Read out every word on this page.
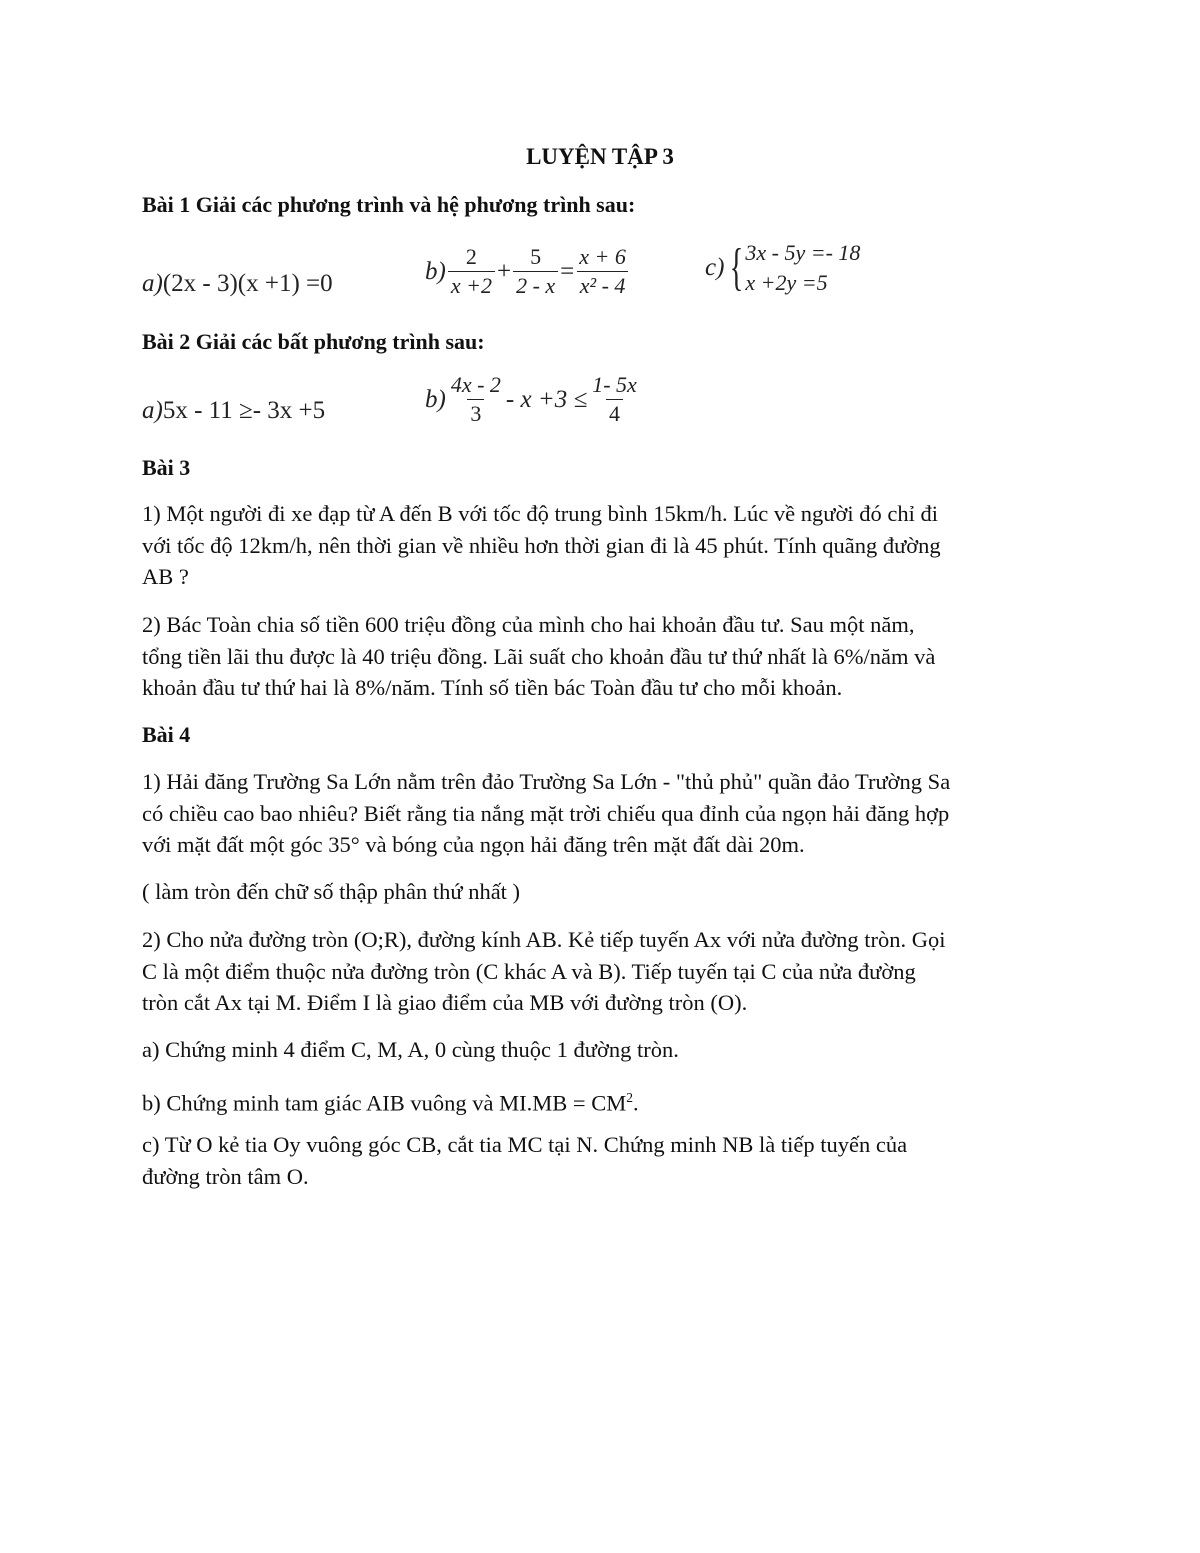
LUYỆN TẬP 3
Bài 1 Giải các phương trình và hệ phương trình sau:
a)(2x - 3)(x +1) =0	$b) \frac{2}{x +2} + \frac{5}{2 - x} = \frac{x + 6}{\text{x² - 4}}$	c) { 3x - 5y =- 18
x +2y =5
Bài 2 Giải các bất phương trình sau:
a)5x - 11 ≥- 3x +5	$b) \frac{4x - 2}{3} - x +3 \le \frac{1- 5x}{4}$
Bài 3
1) Một người đi xe đạp từ A đến B với tốc độ trung bình 15km/h. Lúc về người đó chỉ đi
với tốc độ 12km/h, nên thời gian về nhiều hơn thời gian đi là 45 phút. Tính quãng đường
AB ?
2) Bác Toàn chia số tiền 600 triệu đồng của mình cho hai khoản đầu tư. Sau một năm,
tổng tiền lãi thu được là 40 triệu đồng. Lãi suất cho khoản đầu tư thứ nhất là 6%/năm và
khoản đầu tư thứ hai là 8%/năm. Tính số tiền bác Toàn đầu tư cho mỗi khoản.
Bài 4
1) Hải đăng Trường Sa Lớn nằm trên đảo Trường Sa Lớn - "thủ phủ" quần đảo Trường Sa
có chiều cao bao nhiêu? Biết rằng tia nắng mặt trời chiếu qua đỉnh của ngọn hải đăng hợp
với mặt đất một góc 35° và bóng của ngọn hải đăng trên mặt đất dài 20m.
( làm tròn đến chữ số thập phân thứ nhất )
2) Cho nửa đường tròn (O;R), đường kính AB. Kẻ tiếp tuyến Ax với nửa đường tròn. Gọi
C là một điểm thuộc nửa đường tròn (C khác A và B). Tiếp tuyến tại C của nửa đường
tròn cắt Ax tại M. Điểm I là giao điểm của MB với đường tròn (O).
a) Chứng minh 4 điểm C, M, A, 0 cùng thuộc 1 đường tròn.
b) Chứng minh tam giác AIB vuông và $MI.MB = CM^2$.
c) Từ O kẻ tia Oy vuông góc CB, cắt tia MC tại N. Chứng minh NB là tiếp tuyến của
đường tròn tâm O.
